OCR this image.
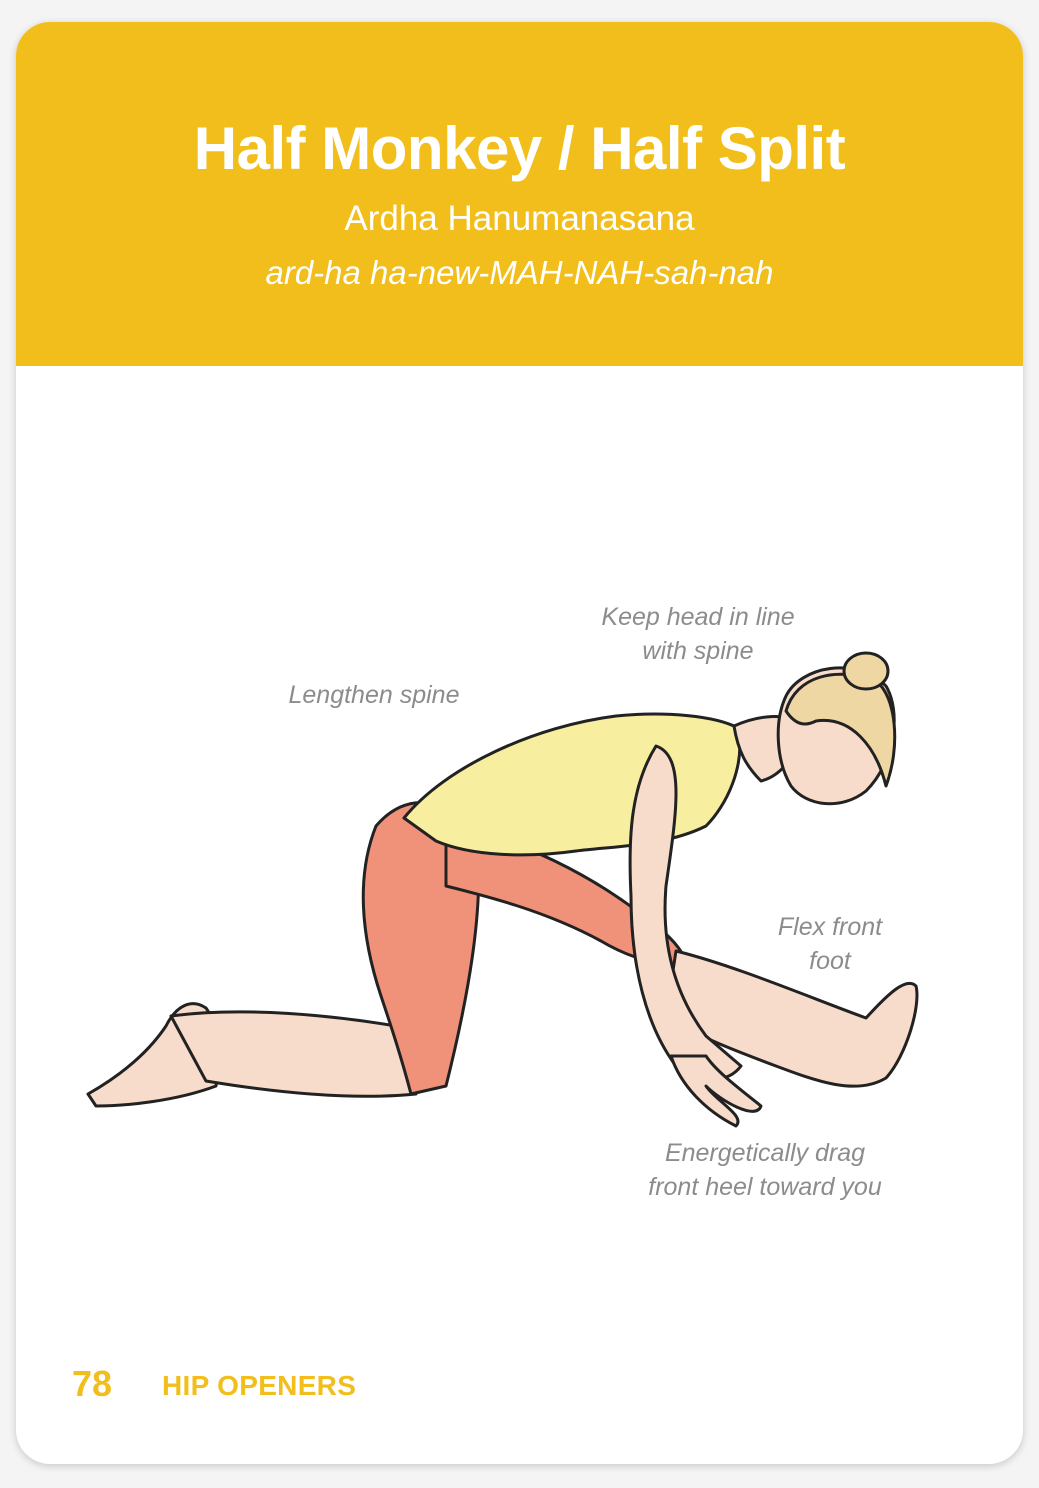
Half Monkey / Half Split
Ardha Hanumanasana
ard-ha ha-new-MAH-NAH-sah-nah
Keep head in line
with spine
Lengthen spine
Flex front
foot
Energetically drag
front heel toward you
78 HIP OPENERS
